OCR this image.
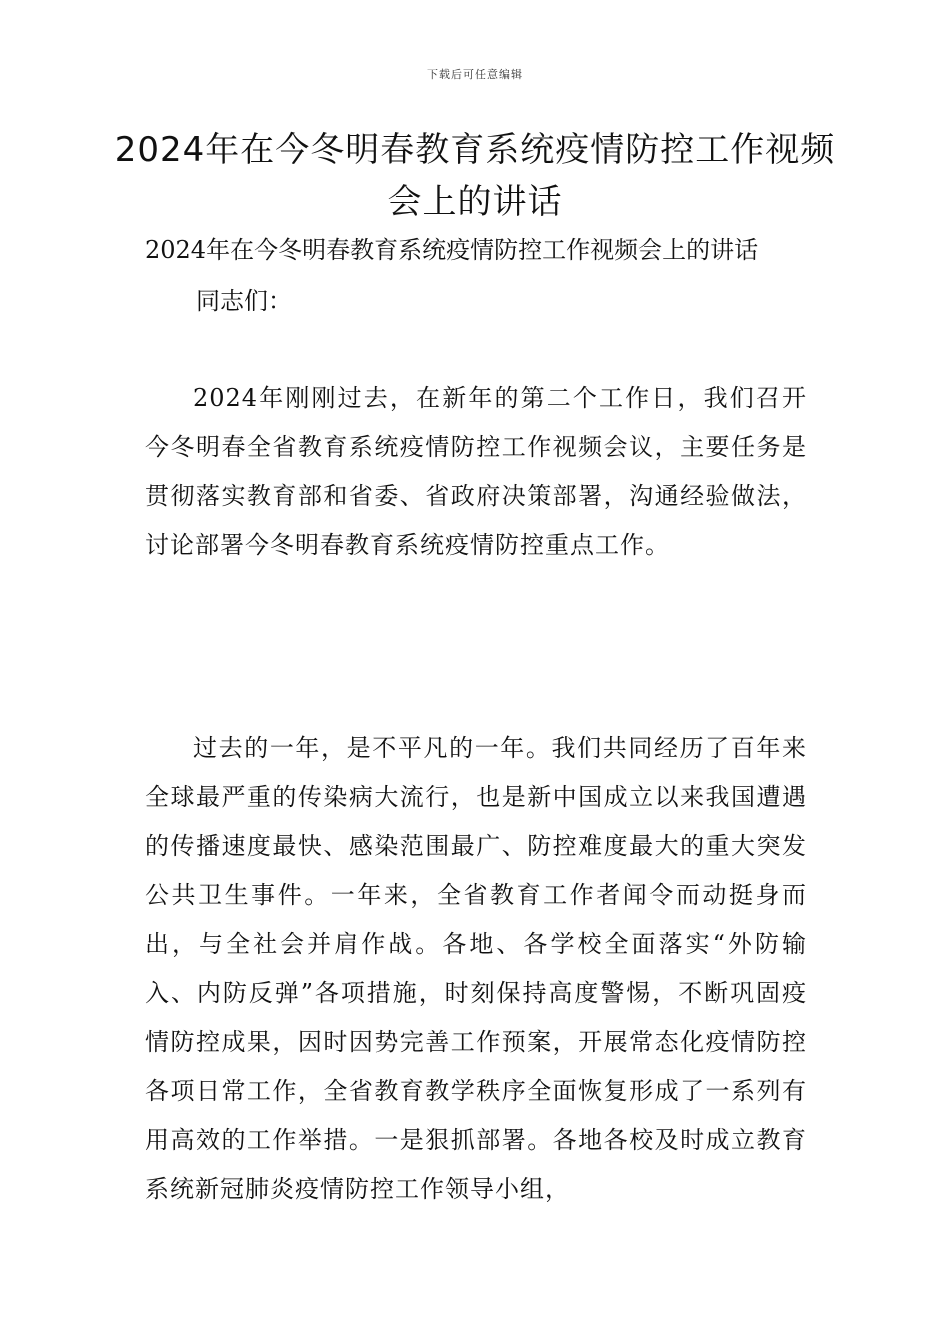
下载后可任意编辑
2024年在今冬明春教育系统疫情防控工作视频会上的讲话
2024年在今冬明春教育系统疫情防控工作视频会上的讲话
同志们：

2024年刚刚过去，在新年的第二个工作日，我们召开今冬明春全省教育系统疫情防控工作视频会议，主要任务是贯彻落实教育部和省委、省政府决策部署，沟通经验做法，讨论部署今冬明春教育系统疫情防控重点工作。

过去的一年，是不平凡的一年。我们共同经历了百年来全球最严重的传染病大流行，也是新中国成立以来我国遭遇的传播速度最快、感染范围最广、防控难度最大的重大突发公共卫生事件。一年来，全省教育工作者闻令而动挺身而出，与全社会并肩作战。各地、各学校全面落实“外防输入、内防反弹”各项措施，时刻保持高度警惕，不断巩固疫情防控成果，因时因势完善工作预案，开展常态化疫情防控各项日常工作，全省教育教学秩序全面恢复形成了一系列有用高效的工作举措。一是狠抓部署。各地各校及时成立教育系统新冠肺炎疫情防控工作领导小组，
